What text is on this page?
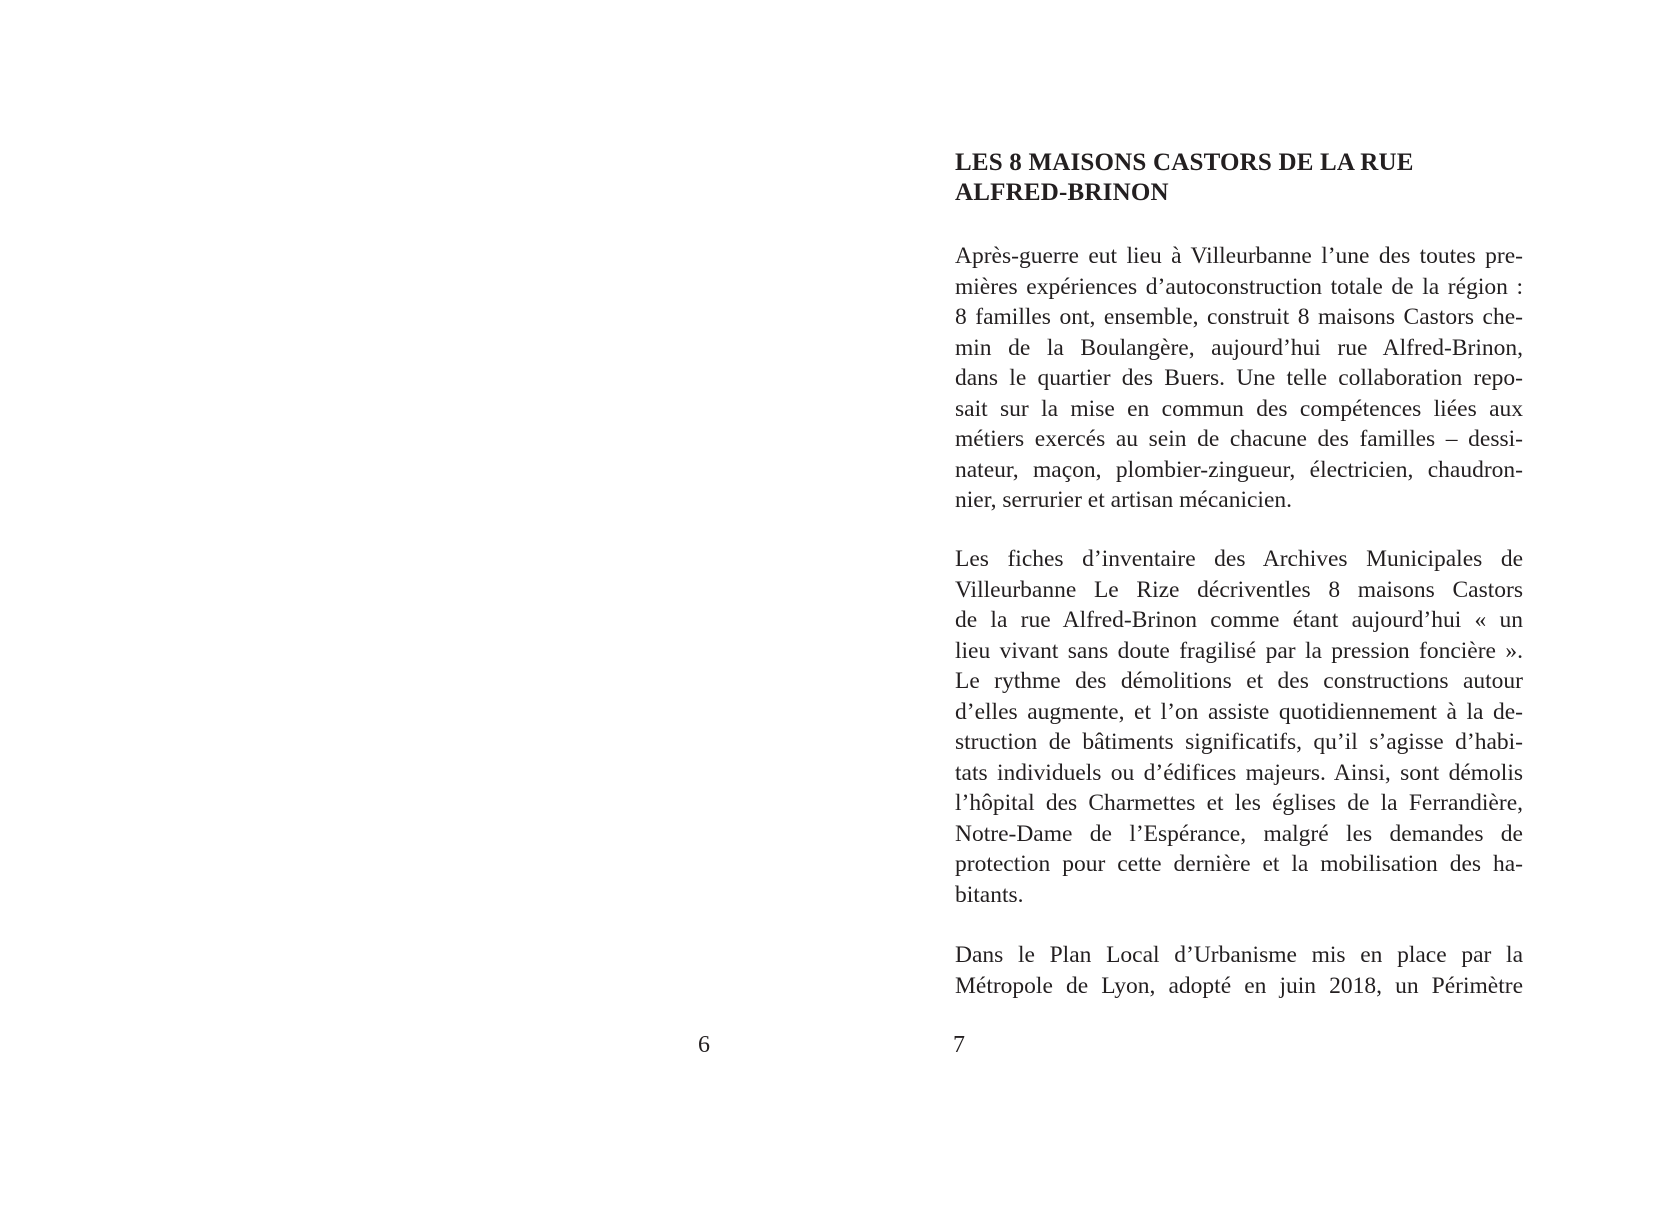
6
LES 8 MAISONS CASTORS DE LA RUE
ALFRED-BRINON
Après-guerre eut lieu à Villeurbanne l’une des toutes pre-
mières expériences d’autoconstruction totale de la région :
8 familles ont, ensemble, construit 8 maisons Castors che-
min de la Boulangère, aujourd’hui rue Alfred-Brinon,
dans le quartier des Buers. Une telle collaboration repo-
sait sur la mise en commun des compétences liées aux
métiers exercés au sein de chacune des familles – dessi-
nateur, maçon, plombier-zingueur, électricien, chaudron-
nier, serrurier et artisan mécanicien.
Les fiches d’inventaire des Archives Municipales de
Villeurbanne Le Rize décriventles 8 maisons Castors
de la rue Alfred-Brinon comme étant aujourd’hui « un
lieu vivant sans doute fragilisé par la pression foncière ».
Le rythme des démolitions et des constructions autour
d’elles augmente, et l’on assiste quotidiennement à la de-
struction de bâtiments significatifs, qu’il s’agisse d’habi-
tats individuels ou d’édifices majeurs. Ainsi, sont démolis
l’hôpital des Charmettes et les églises de la Ferrandière,
Notre-Dame de l’Espérance, malgré les demandes de
protection pour cette dernière et la mobilisation des ha-
bitants.
Dans le Plan Local d’Urbanisme mis en place par la
Métropole de Lyon, adopté en juin 2018, un Périmètre
7
